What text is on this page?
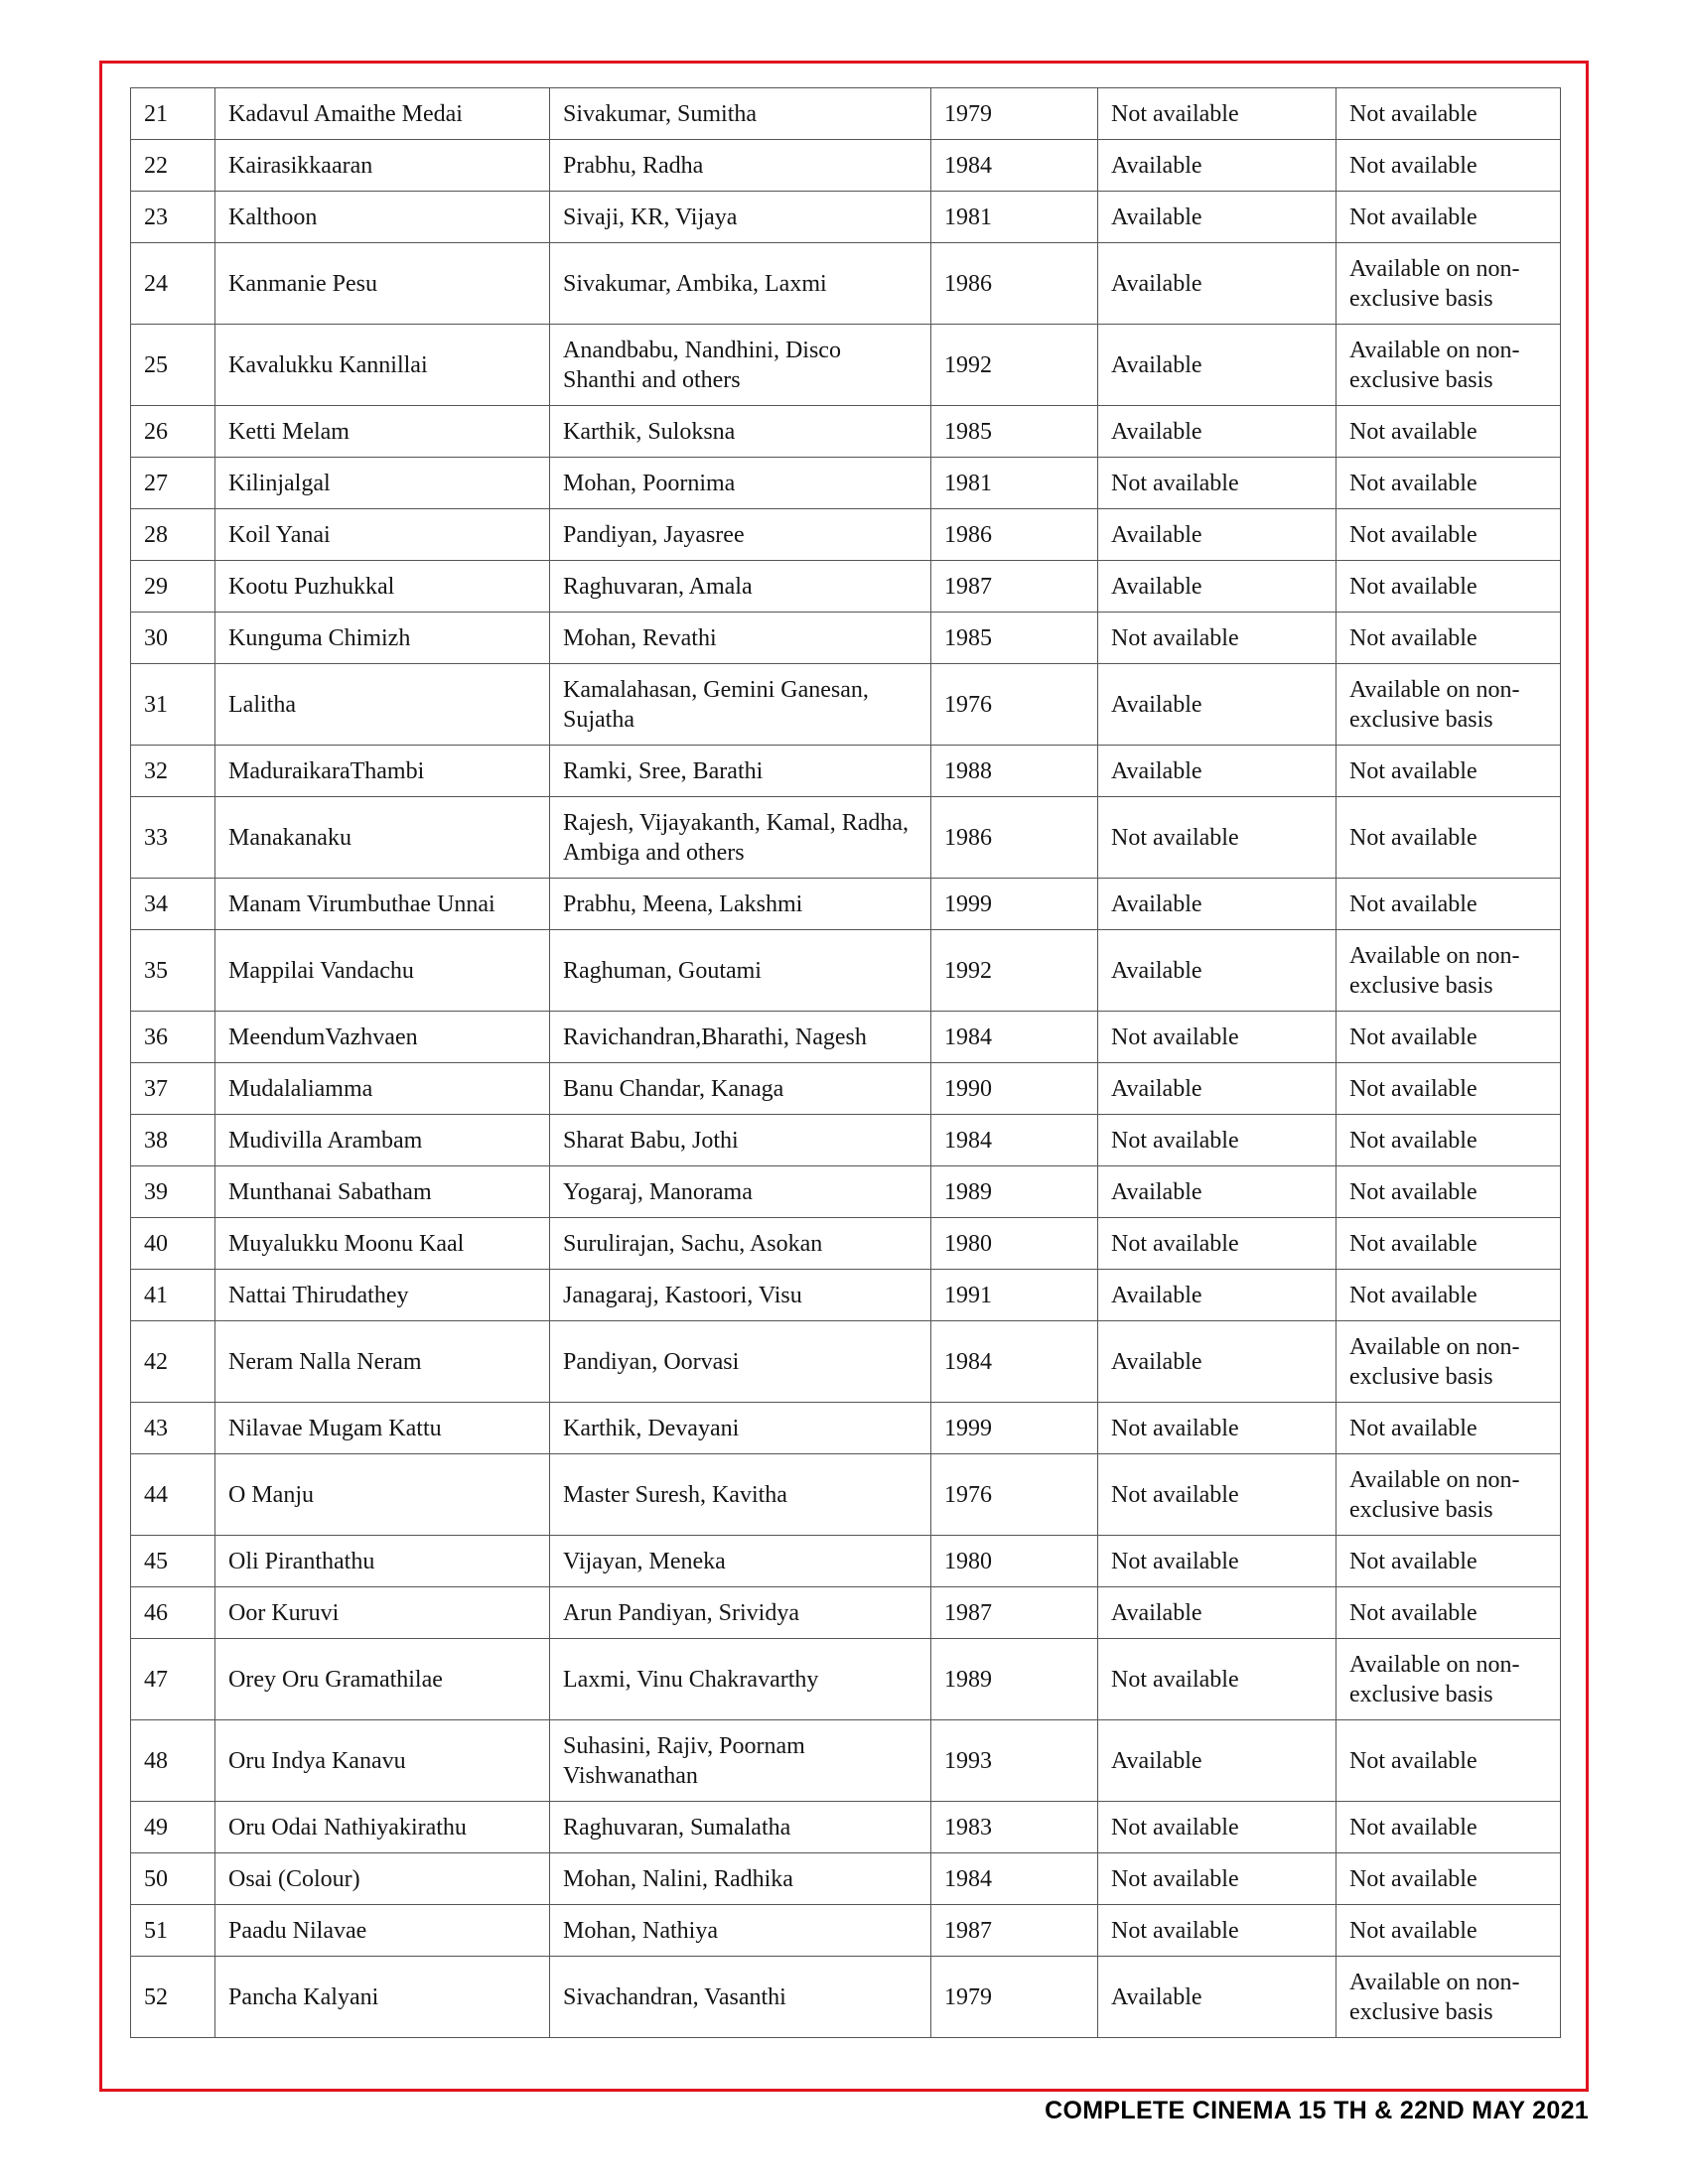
21	Kadavul Amaithe Medai	Sivakumar, Sumitha	1979	Not available	Not available
22	Kairasikkaaran	Prabhu, Radha	1984	Available	Not available
23	Kalthoon	Sivaji, KR, Vijaya	1981	Available	Not available
24	Kanmanie Pesu	Sivakumar, Ambika, Laxmi	1986	Available	Available on non-exclusive basis
25	Kavalukku Kannillai	Anandbabu, Nandhini, Disco Shanthi and others	1992	Available	Available on non-exclusive basis
26	Ketti Melam	Karthik, Suloksna	1985	Available	Not available
27	Kilinjalgal	Mohan, Poornima	1981	Not available	Not available
28	Koil Yanai	Pandiyan, Jayasree	1986	Available	Not available
29	Kootu Puzhukkal	Raghuvaran, Amala	1987	Available	Not available
30	Kunguma Chimizh	Mohan, Revathi	1985	Not available	Not available
31	Lalitha	Kamalahasan, Gemini Ganesan, Sujatha	1976	Available	Available on non-exclusive basis
32	MaduraikaraThambi	Ramki, Sree, Barathi	1988	Available	Not available
33	Manakanaku	Rajesh, Vijayakanth, Kamal, Radha, Ambiga and others	1986	Not available	Not available
34	Manam Virumbuthae Unnai	Prabhu, Meena, Lakshmi	1999	Available	Not available
35	Mappilai Vandachu	Raghuman, Goutami	1992	Available	Available on non-exclusive basis
36	MeendumVazhvaen	Ravichandran,Bharathi, Nagesh	1984	Not available	Not available
37	Mudalaliamma	Banu Chandar, Kanaga	1990	Available	Not available
38	Mudivilla Arambam	Sharat Babu, Jothi	1984	Not available	Not available
39	Munthanai Sabatham	Yogaraj, Manorama	1989	Available	Not available
40	Muyalukku Moonu Kaal	Surulirajan, Sachu, Asokan	1980	Not available	Not available
41	Nattai Thirudathey	Janagaraj, Kastoori, Visu	1991	Available	Not available
42	Neram Nalla Neram	Pandiyan, Oorvasi	1984	Available	Available on non-exclusive basis
43	Nilavae Mugam Kattu	Karthik, Devayani	1999	Not available	Not available
44	O Manju	Master Suresh, Kavitha	1976	Not available	Available on non-exclusive basis
45	Oli Piranthathu	Vijayan, Meneka	1980	Not available	Not available
46	Oor Kuruvi	Arun Pandiyan, Srividya	1987	Available	Not available
47	Orey Oru Gramathilae	Laxmi, Vinu Chakravarthy	1989	Not available	Available on non-exclusive basis
48	Oru Indya Kanavu	Suhasini, Rajiv, Poornam Vishwanathan	1993	Available	Not available
49	Oru Odai Nathiyakirathu	Raghuvaran, Sumalatha	1983	Not available	Not available
50	Osai (Colour)	Mohan, Nalini, Radhika	1984	Not available	Not available
51	Paadu Nilavae	Mohan, Nathiya	1987	Not available	Not available
52	Pancha Kalyani	Sivachandran, Vasanthi	1979	Available	Available on non-exclusive basis
COMPLETE CINEMA 15 TH & 22ND MAY 2021
